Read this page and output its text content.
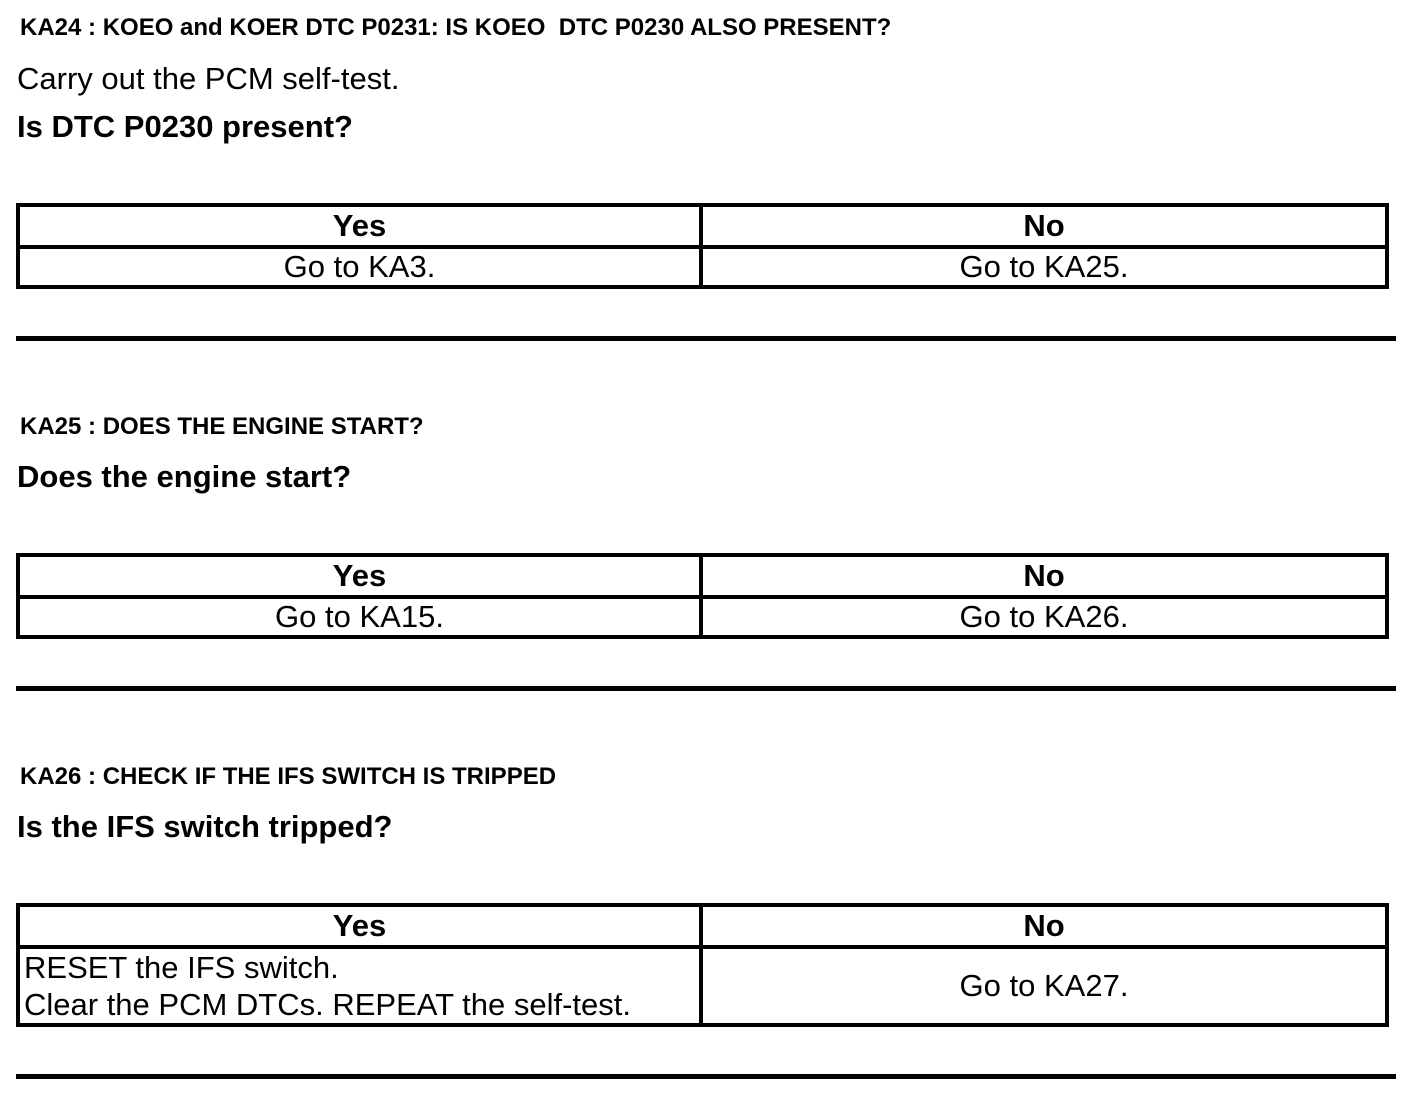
KA24 : KOEO and KOER DTC P0231: IS KOEO  DTC P0230 ALSO PRESENT?
Carry out the PCM self-test.
Is DTC P0230 present?
Yes	No
Go to KA3.	Go to KA25.
KA25 : DOES THE ENGINE START?
Does the engine start?
Yes	No
Go to KA15.	Go to KA26.
KA26 : CHECK IF THE IFS SWITCH IS TRIPPED
Is the IFS switch tripped?
Yes	No

RESET the IFS switch.
Clear the PCM DTCs. REPEAT the self-test.	Go to KA27.
